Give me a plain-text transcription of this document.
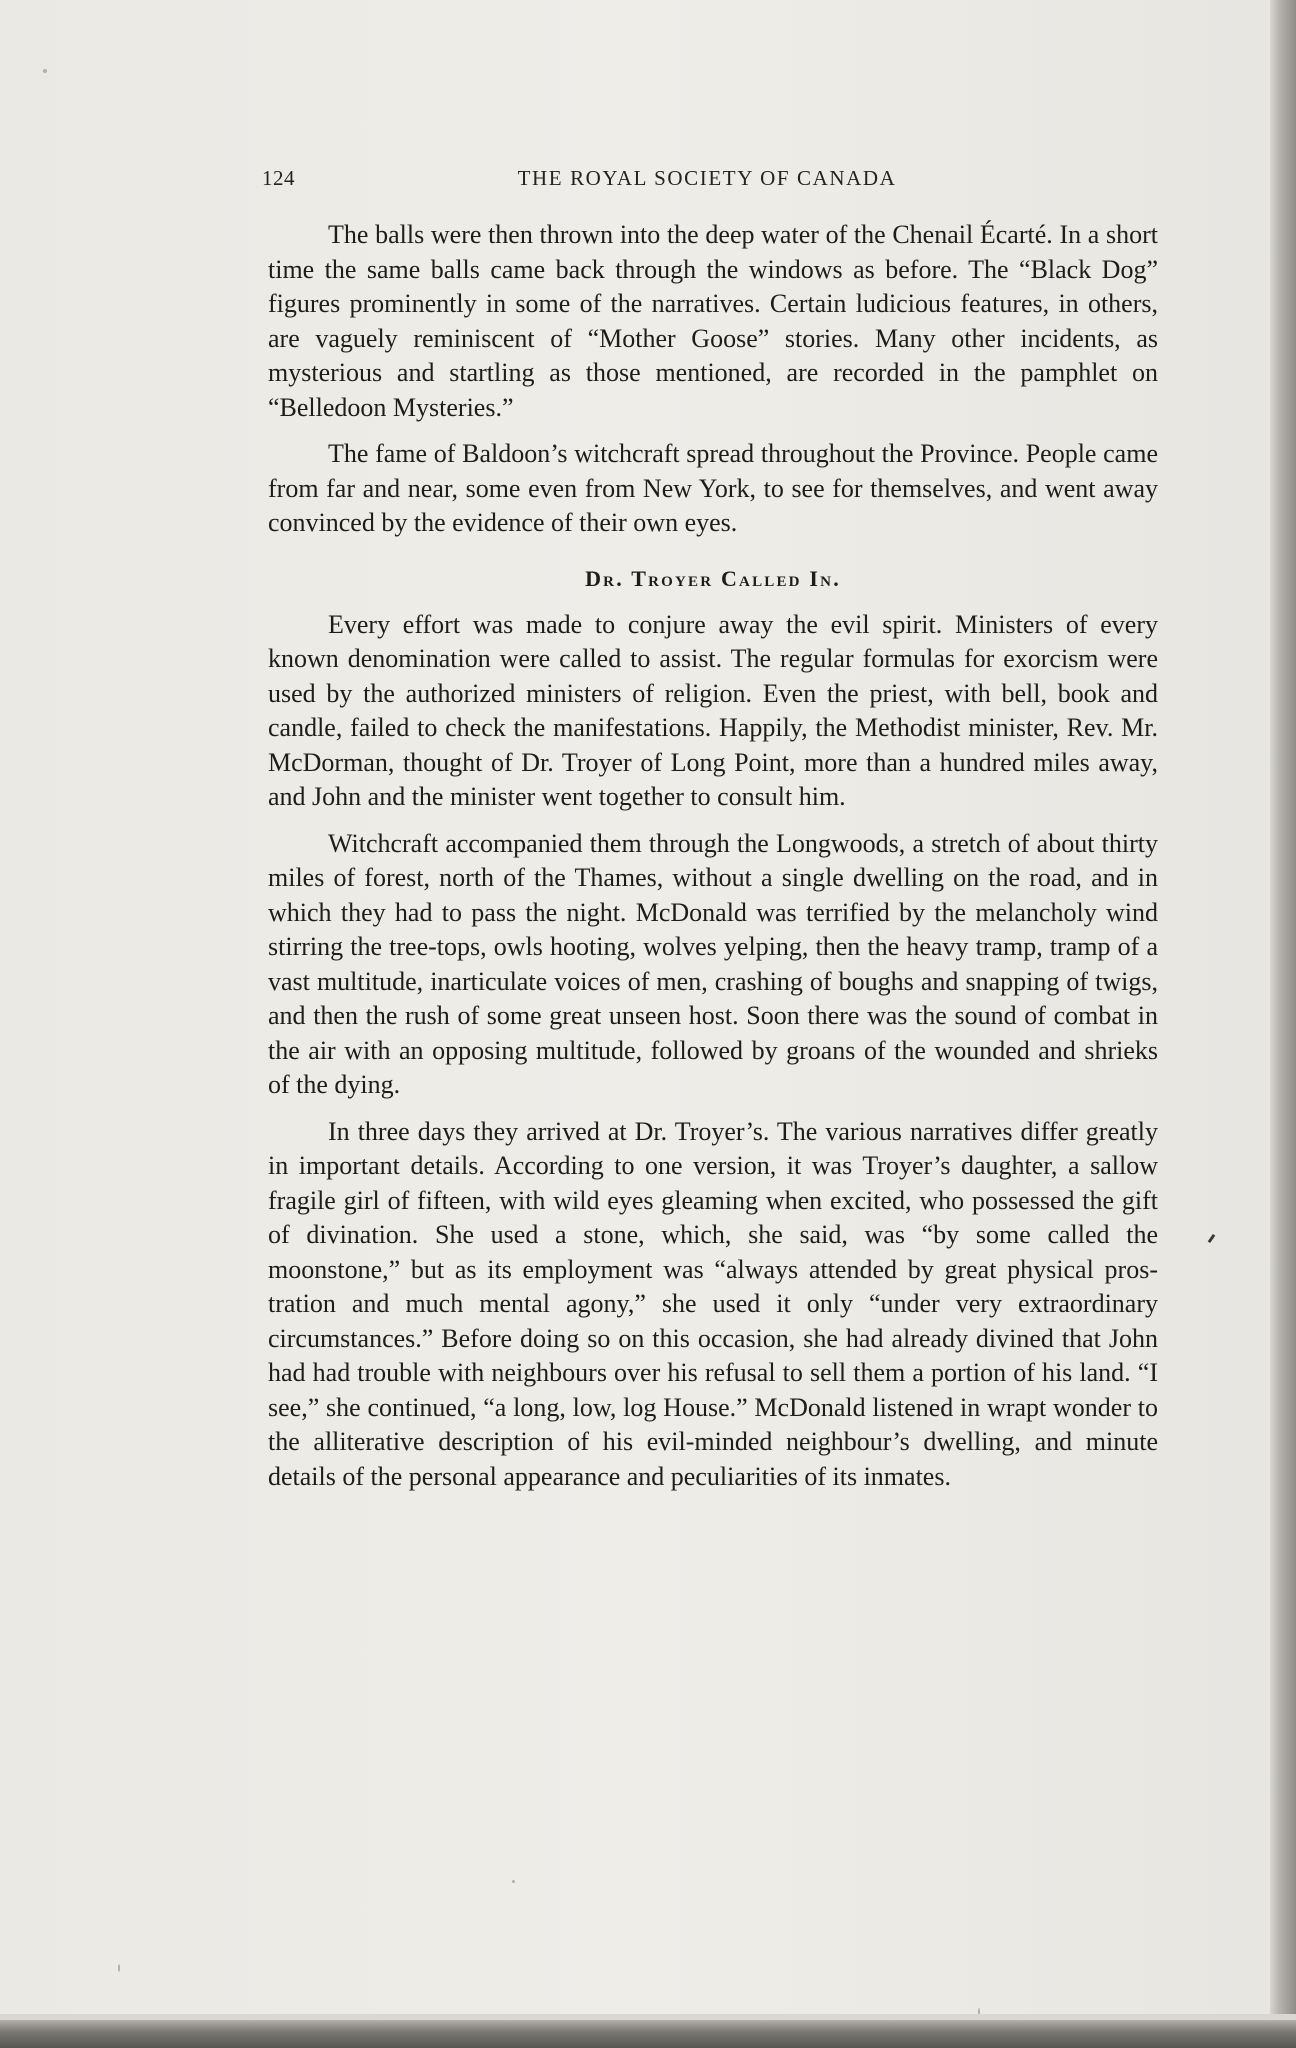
124	THE ROYAL SOCIETY OF CANADA

The balls were then thrown into the deep water of the Chenail Écarté. In a short time the same balls came back through the windows as before. The “Black Dog” figures prominently in some of the narratives. Certain ludicious features, in others, are vaguely reminiscent of “Mother Goose” stories. Many other incidents, as mysterious and startling as those mentioned, are recorded in the pamphlet on “Belledoon Mysteries.”

The fame of Baldoon’s witchcraft spread throughout the Province. People came from far and near, some even from New York, to see for themselves, and went away convinced by the evidence of their own eyes.

Dr. Troyer Called In.

Every effort was made to conjure away the evil spirit. Ministers of every known denomination were called to assist. The regular formulas for exorcism were used by the authorized ministers of religion. Even the priest, with bell, book and candle, failed to check the manifestations. Happily, the Methodist minister, Rev. Mr. McDorman, thought of Dr. Troyer of Long Point, more than a hundred miles away, and John and the minister went together to consult him.

Witchcraft accompanied them through the Longwoods, a stretch of about thirty miles of forest, north of the Thames, without a single dwelling on the road, and in which they had to pass the night. McDonald was terrified by the melancholy wind stirring the tree-tops, owls hooting, wolves yelping, then the heavy tramp, tramp of a vast multitude, inarticulate voices of men, crashing of boughs and snapping of twigs, and then the rush of some great unseen host. Soon there was the sound of combat in the air with an opposing multitude, followed by groans of the wounded and shrieks of the dying.

In three days they arrived at Dr. Troyer’s. The various narratives differ greatly in important details. According to one version, it was Troyer’s daughter, a sallow fragile girl of fifteen, with wild eyes gleaming when excited, who possessed the gift of divination. She used a stone, which, she said, was “by some called the moonstone,” but as its employment was “always attended by great physical prostration and much mental agony,” she used it only “under very extraordinary circumstances.” Before doing so on this occasion, she had already divined that John had had trouble with neighbours over his refusal to sell them a portion of his land. “I see,” she continued, “a long, low, log House.” McDonald listened in wrapt wonder to the alliterative description of his evil-minded neighbour’s dwelling, and minute details of the personal appearance and peculiarities of its inmates.
